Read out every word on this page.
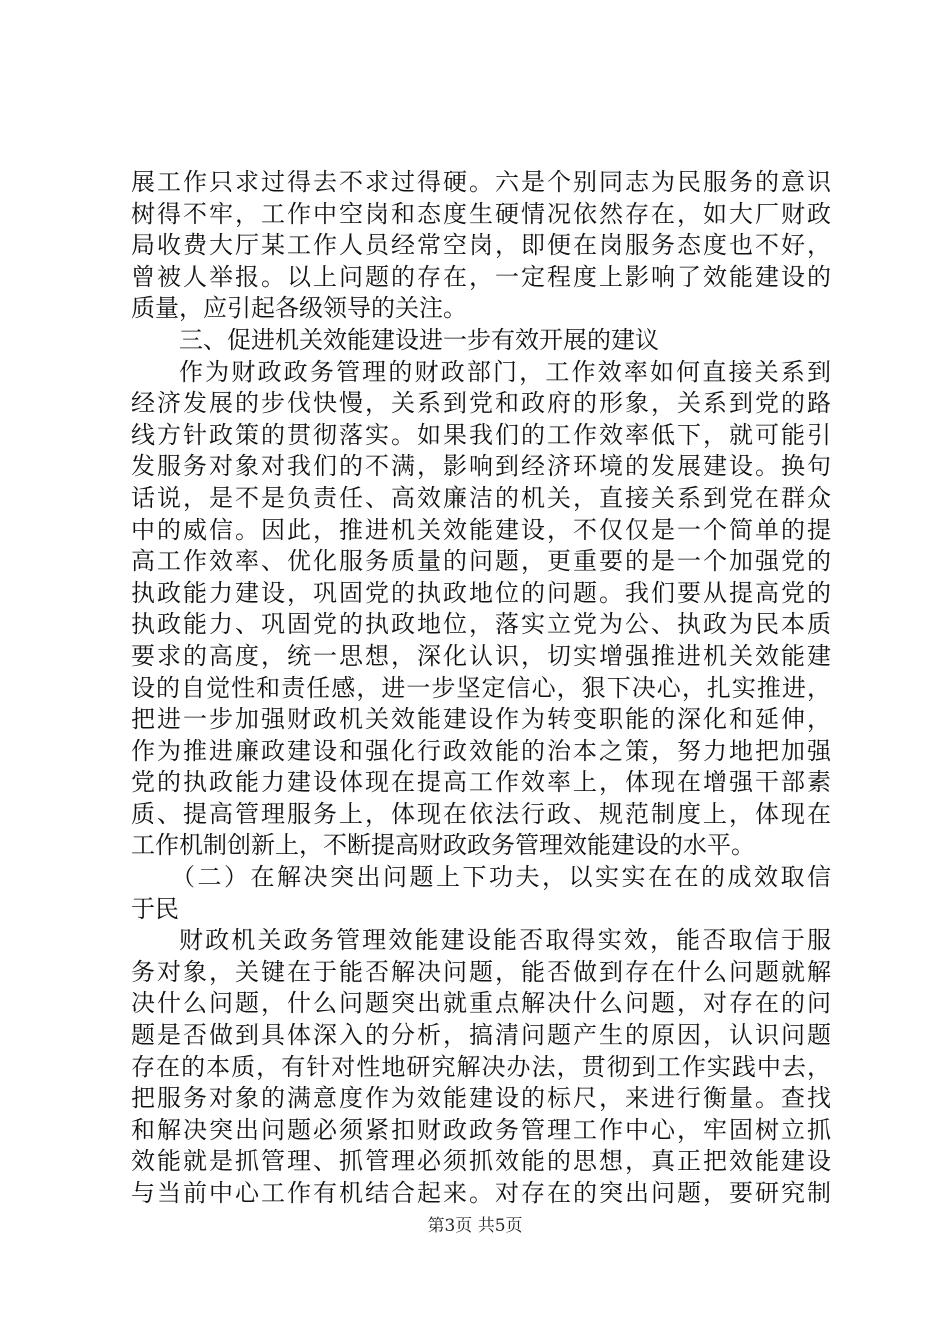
展工作只求过得去不求过得硬。六是个别同志为民服务的意识
树得不牢，工作中空岗和态度生硬情况依然存在，如大厂财政
局收费大厅某工作人员经常空岗，即便在岗服务态度也不好，
曾被人举报。以上问题的存在，一定程度上影响了效能建设的
质量，应引起各级领导的关注。
三、促进机关效能建设进一步有效开展的建议
作为财政政务管理的财政部门，工作效率如何直接关系到
经济发展的步伐快慢，关系到党和政府的形象，关系到党的路
线方针政策的贯彻落实。如果我们的工作效率低下，就可能引
发服务对象对我们的不满，影响到经济环境的发展建设。换句
话说，是不是负责任、高效廉洁的机关，直接关系到党在群众
中的威信。因此，推进机关效能建设，不仅仅是一个简单的提
高工作效率、优化服务质量的问题，更重要的是一个加强党的
执政能力建设，巩固党的执政地位的问题。我们要从提高党的
执政能力、巩固党的执政地位，落实立党为公、执政为民本质
要求的高度，统一思想，深化认识，切实增强推进机关效能建
设的自觉性和责任感，进一步坚定信心，狠下决心，扎实推进，
把进一步加强财政机关效能建设作为转变职能的深化和延伸，
作为推进廉政建设和强化行政效能的治本之策，努力地把加强
党的执政能力建设体现在提高工作效率上，体现在增强干部素
质、提高管理服务上，体现在依法行政、规范制度上，体现在
工作机制创新上，不断提高财政政务管理效能建设的水平。
（二）在解决突出问题上下功夫，以实实在在的成效取信
于民
财政机关政务管理效能建设能否取得实效，能否取信于服
务对象，关键在于能否解决问题，能否做到存在什么问题就解
决什么问题，什么问题突出就重点解决什么问题，对存在的问
题是否做到具体深入的分析，搞清问题产生的原因，认识问题
存在的本质，有针对性地研究解决办法，贯彻到工作实践中去，
把服务对象的满意度作为效能建设的标尺，来进行衡量。查找
和解决突出问题必须紧扣财政政务管理工作中心，牢固树立抓
效能就是抓管理、抓管理必须抓效能的思想，真正把效能建设
与当前中心工作有机结合起来。对存在的突出问题，要研究制
第3页 共5页
